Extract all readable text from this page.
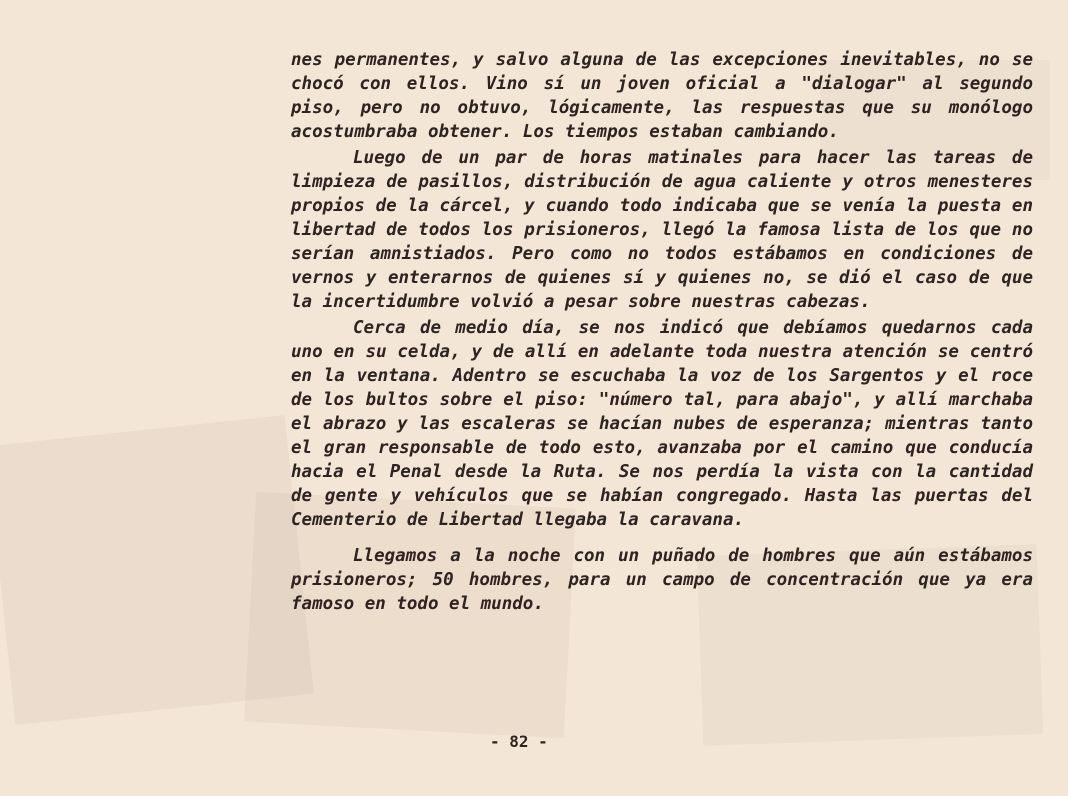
nes permanentes, y salvo alguna de las excepciones inevitables, no se chocó con ellos. Vino sí un joven oficial a "dialogar" al segundo piso, pero no obtuvo, lógicamente, las respuestas que su monólogo acostumbraba obtener. Los tiempos estaban cambiando.

Luego de un par de horas matinales para hacer las tareas de limpieza de pasillos, distribución de agua caliente y otros menesteres propios de la cárcel, y cuando todo indicaba que se venía la puesta en libertad de todos los prisioneros, llegó la famosa lista de los que no serían amnistiados. Pero como no todos estábamos en condiciones de vernos y enterarnos de quienes sí y quienes no, se dió el caso de que la incertidumbre volvió a pesar sobre nuestras cabezas.

Cerca de medio día, se nos indicó que debíamos quedarnos cada uno en su celda, y de allí en adelante toda nuestra atención se centró en la ventana. Adentro se escuchaba la voz de los Sargentos y el roce de los bultos sobre el piso: "número tal, para abajo", y allí marchaba el abrazo y las escaleras se hacían nubes de esperanza; mientras tanto el gran responsable de todo esto, avanzaba por el camino que conducía hacia el Penal desde la Ruta. Se nos perdía la vista con la cantidad de gente y vehículos que se habían congregado. Hasta las puertas del Cementerio de Libertad llegaba la caravana.

Llegamos a la noche con un puñado de hombres que aún estábamos prisioneros; 50 hombres, para un campo de concentración que ya era famoso en todo el mundo.

- 82 -
